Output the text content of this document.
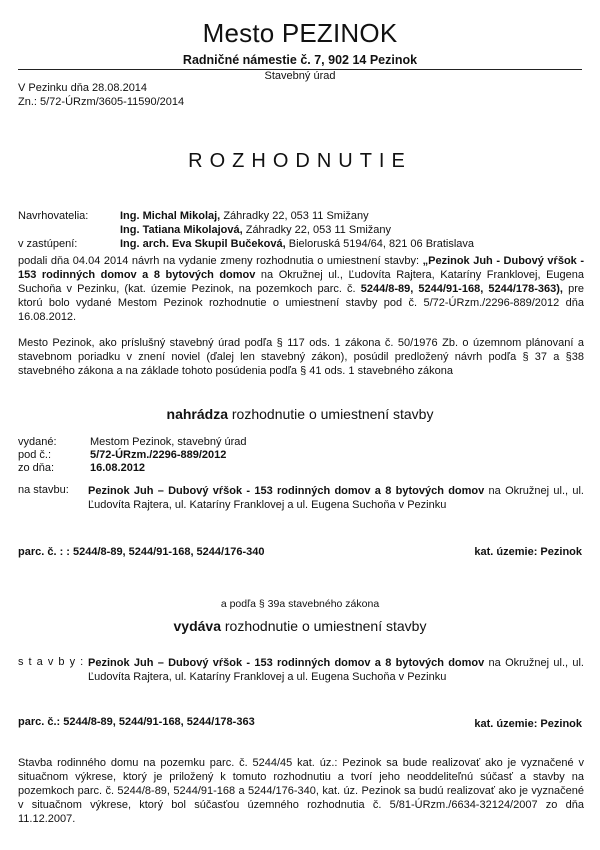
Mesto PEZINOK
Radničné námestie č. 7, 902 14 Pezinok
Stavebný úrad
V Pezinku dňa 28.08.2014
Zn.: 5/72-ÚRzm/3605-11590/2014
ROZHODNUTIE
Navrhovatelia:	Ing. Michal Mikolaj, Záhradky 22, 053 11 Smižany
Ing. Tatiana Mikolajová, Záhradky 22, 053 11 Smižany
v zastúpení:	Ing. arch. Eva Skupil Bučeková, Bieloruská 5194/64, 821 06 Bratislava
podali dňa 04.04 2014 návrh na vydanie zmeny rozhodnutia o umiestnení stavby: „Pezinok Juh - Dubový vŕšok - 153 rodinných domov a 8 bytových domov na Okružnej ul., Ľudovíta Rajtera, Kataríny Franklovej, Eugena Suchoňa v Pezinku, (kat. územie Pezinok, na pozemkoch parc. č. 5244/8-89, 5244/91-168, 5244/178-363), pre ktorú bolo vydané Mestom Pezinok rozhodnutie o umiestnení stavby pod č. 5/72-ÚRzm./2296-889/2012 dňa 16.08.2012.
Mesto Pezinok, ako príslušný stavebný úrad podľa § 117 ods. 1 zákona č. 50/1976 Zb. o územnom plánovaní a stavebnom poriadku v znení noviel (ďalej len stavebný zákon), posúdil predložený návrh podľa § 37 a §38 stavebného zákona a na základe tohoto posúdenia podľa § 41 ods. 1 stavebného zákona
nahrádza rozhodnutie o umiestnení stavby
vydané:	Mestom Pezinok, stavebný úrad
pod č.:	5/72-ÚRzm./2296-889/2012
zo dňa:	16.08.2012
na stavbu: Pezinok Juh – Dubový vŕšok - 153 rodinných domov a 8 bytových domov na Okružnej ul., ul. Ľudovíta Rajtera, ul. Kataríny Franklovej a ul. Eugena Suchoňa v Pezinku
parc. č. : : 5244/8-89, 5244/91-168, 5244/176-340	kat. územie: Pezinok
a podľa § 39a stavebného zákona
vydáva rozhodnutie o umiestnení stavby
s t a v b y : Pezinok Juh – Dubový vŕšok - 153 rodinných domov a 8 bytových domov na Okružnej ul., ul. Ľudovíta Rajtera, ul. Kataríny Franklovej a ul. Eugena Suchoňa v Pezinku
parc. č.: 5244/8-89, 5244/91-168, 5244/178-363	kat. územie: Pezinok
Stavba rodinného domu na pozemku parc. č. 5244/45 kat. úz.: Pezinok sa bude realizovať ako je vyznačené v situačnom výkrese, ktorý je priložený k tomuto rozhodnutiu a tvorí jeho neoddeliteľnú súčasť a stavby na pozemkoch parc. č. 5244/8-89, 5244/91-168 a 5244/176-340, kat. úz. Pezinok sa budú realizovať ako je vyznačené v situačnom výkrese, ktorý bol súčasťou územného rozhodnutia č. 5/81-ÚRzm./6634-32124/2007 zo dňa 11.12.2007.
